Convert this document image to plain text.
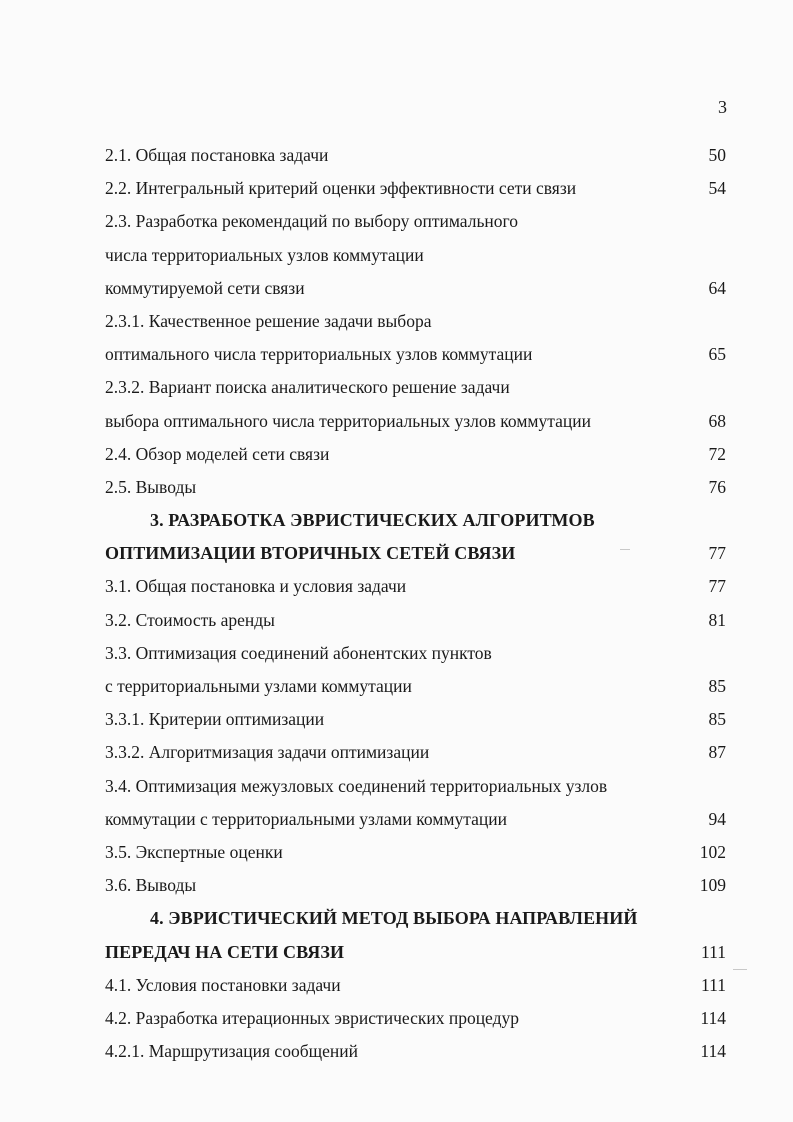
3
2.1. Общая постановка задачи	50
2.2. Интегральный критерий оценки эффективности сети связи	54
2.3. Разработка рекомендаций по выбору оптимального
числа территориальных узлов коммутации
коммутируемой сети связи	64
2.3.1. Качественное решение задачи выбора
оптимального числа территориальных узлов коммутации	65
2.3.2. Вариант поиска аналитического решение задачи
выбора оптимального числа территориальных узлов коммутации	68
2.4. Обзор моделей сети связи	72
2.5. Выводы	76
3. РАЗРАБОТКА ЭВРИСТИЧЕСКИХ АЛГОРИТМОВ
ОПТИМИЗАЦИИ ВТОРИЧНЫХ СЕТЕЙ СВЯЗИ	77
3.1. Общая постановка и условия задачи	77
3.2. Стоимость аренды	81
3.3. Оптимизация соединений абонентских пунктов
с территориальными узлами коммутации	85
3.3.1. Критерии оптимизации	85
3.3.2. Алгоритмизация задачи оптимизации	87
3.4. Оптимизация межузловых соединений территориальных узлов
коммутации с территориальными узлами коммутации	94
3.5. Экспертные оценки	102
3.6. Выводы	109
4. ЭВРИСТИЧЕСКИЙ МЕТОД ВЫБОРА НАПРАВЛЕНИЙ
ПЕРЕДАЧ НА СЕТИ СВЯЗИ	111
4.1. Условия постановки задачи	111
4.2. Разработка итерационных эвристических процедур	114
4.2.1. Маршрутизация сообщений	114
